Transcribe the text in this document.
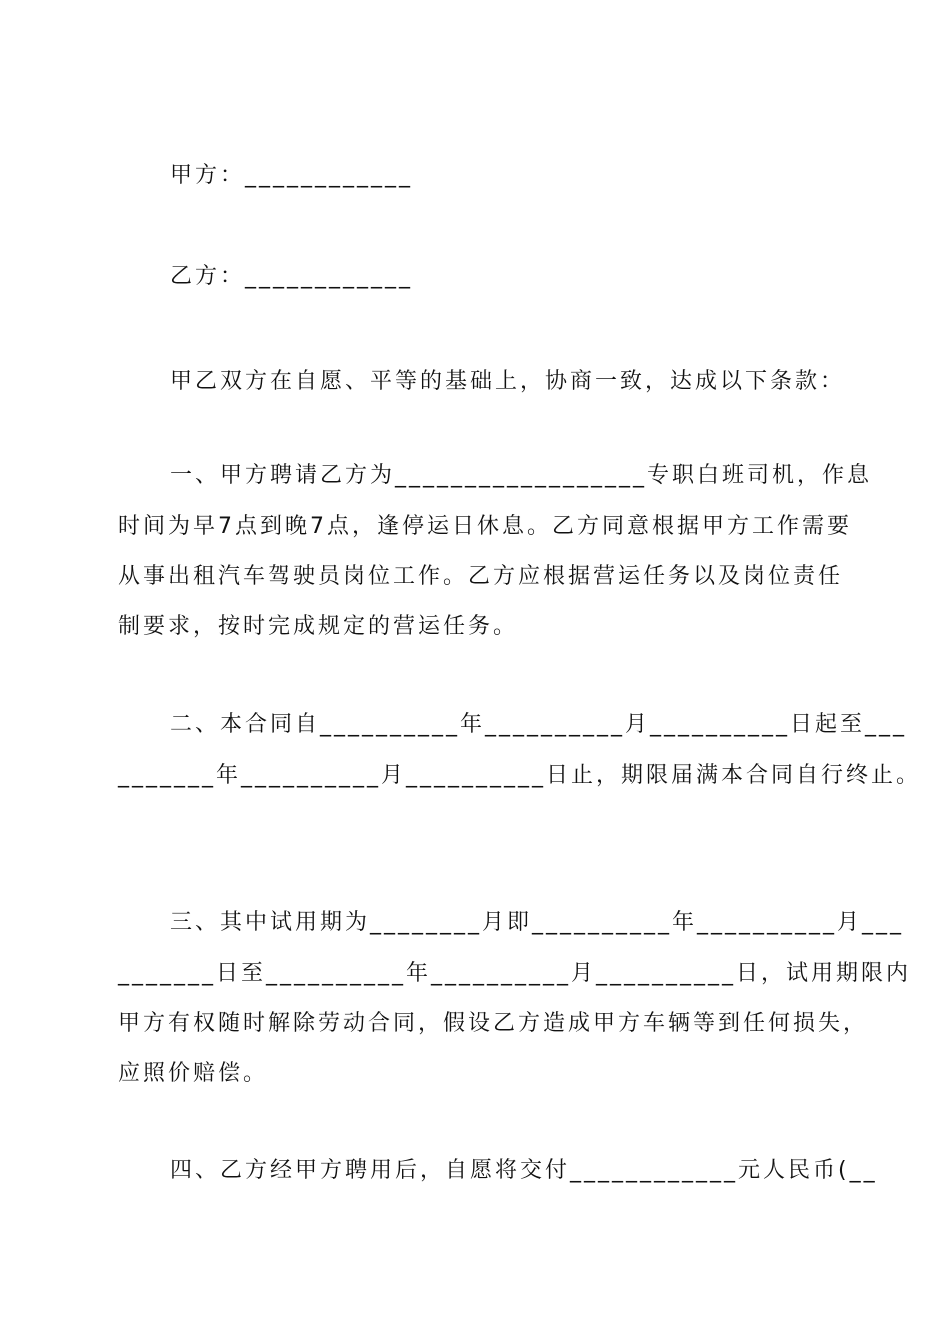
甲方：____________
乙方：____________
甲乙双方在自愿、平等的基础上，协商一致，达成以下条款：
一、甲方聘请乙方为__________________专职白班司机，作息
时间为早7点到晚7点，逢停运日休息。乙方同意根据甲方工作需要
从事出租汽车驾驶员岗位工作。乙方应根据营运任务以及岗位责任
制要求，按时完成规定的营运任务。
二、本合同自__________年__________月__________日起至___
_______年__________月__________日止，期限届满本合同自行终止。
三、其中试用期为________月即__________年__________月___
_______日至__________年__________月__________日，试用期限内
甲方有权随时解除劳动合同，假设乙方造成甲方车辆等到任何损失，
应照价赔偿。
四、乙方经甲方聘用后，自愿将交付____________元人民币(__
